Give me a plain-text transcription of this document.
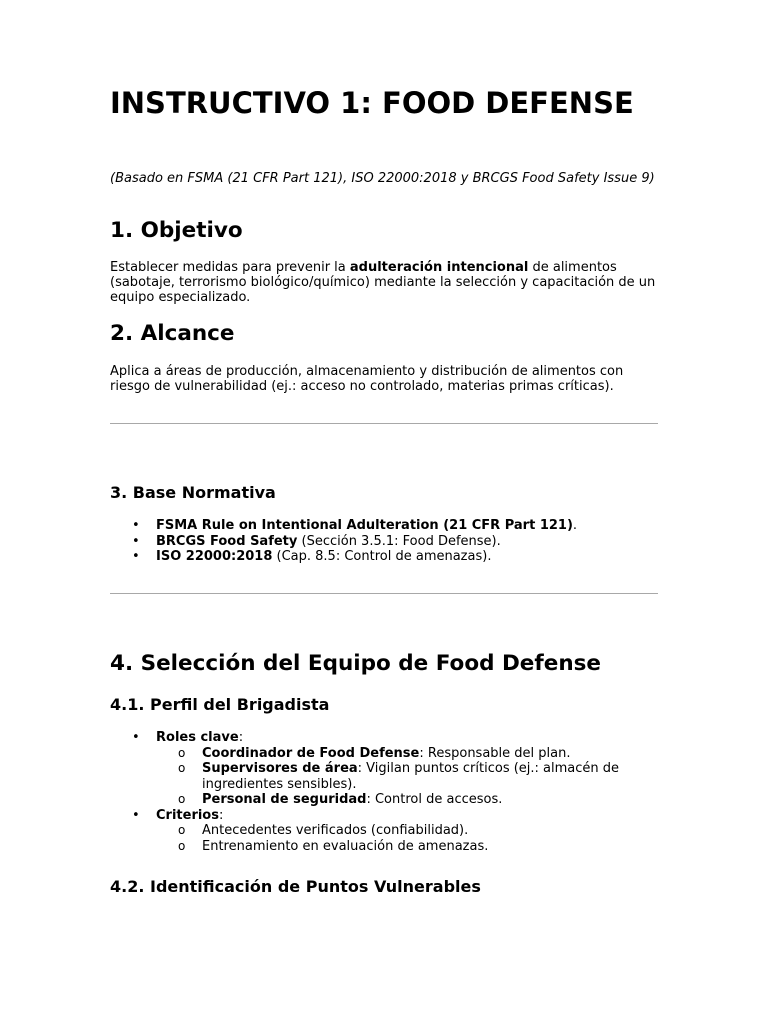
INSTRUCTIVO 1: FOOD DEFENSE

(Basado en FSMA (21 CFR Part 121), ISO 22000:2018 y BRCGS Food Safety Issue 9)

1. Objetivo

Establecer medidas para prevenir la adulteración intencional de alimentos (sabotaje, terrorismo biológico/químico) mediante la selección y capacitación de un equipo especializado.

2. Alcance

Aplica a áreas de producción, almacenamiento y distribución de alimentos con riesgo de vulnerabilidad (ej.: acceso no controlado, materias primas críticas).

3. Base Normativa
• FSMA Rule on Intentional Adulteration (21 CFR Part 121).
• BRCGS Food Safety (Sección 3.5.1: Food Defense).
• ISO 22000:2018 (Cap. 8.5: Control de amenazas).
4. Selección del Equipo de Food Defense
4.1. Perfil del Brigadista
• Roles clave:
o Coordinador de Food Defense: Responsable del plan.
o Supervisores de área: Vigilan puntos críticos (ej.: almacén de ingredientes sensibles).
o Personal de seguridad: Control de accesos.
• Criterios:
o Antecedentes verificados (confiabilidad).
o Entrenamiento en evaluación de amenazas.
4.2. Identificación de Puntos Vulnerables
